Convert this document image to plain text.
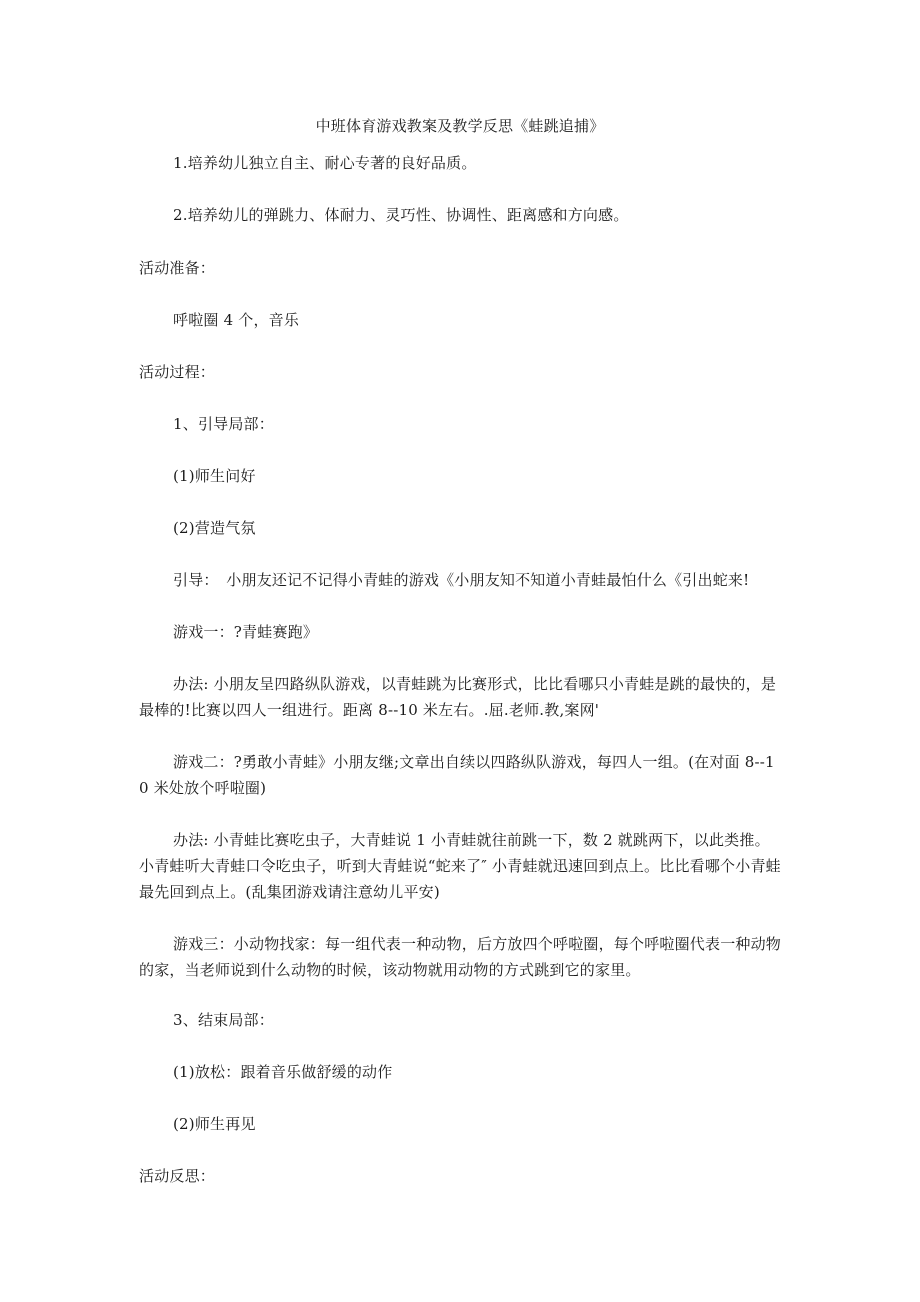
中班体育游戏教案及教学反思《蛙跳追捕》
1.培养幼儿独立自主、耐心专著的良好品质。
2.培养幼儿的弹跳力、体耐力、灵巧性、协调性、距离感和方向感。
活动准备：
呼啦圈 4 个，音乐
活动过程：
1、引导局部：
(1)师生问好
(2)营造气氛
引导：　小朋友还记不记得小青蛙的游戏《小朋友知不知道小青蛙最怕什么《引出蛇来!
游戏一：?青蛙赛跑》
办法: 小朋友呈四路纵队游戏，以青蛙跳为比赛形式，比比看哪只小青蛙是跳的最快的，是最棒的!比赛以四人一组进行。距离 8--10 米左右。.屈.老师.教,案网'
游戏二：?勇敢小青蛙》小朋友继;文章出自续以四路纵队游戏，每四人一组。(在对面 8--10 米处放个呼啦圈)
办法: 小青蛙比赛吃虫子，大青蛙说 1 小青蛙就往前跳一下，数 2 就跳两下，以此类推。小青蛙听大青蛙口令吃虫子，听到大青蛙说“蛇来了″ 小青蛙就迅速回到点上。比比看哪个小青蛙最先回到点上。(乱集团游戏请注意幼儿平安)
游戏三：小动物找家：每一组代表一种动物，后方放四个呼啦圈，每个呼啦圈代表一种动物的家，当老师说到什么动物的时候，该动物就用动物的方式跳到它的家里。
3、结束局部：
(1)放松：跟着音乐做舒缓的动作
(2)师生再见
活动反思：
